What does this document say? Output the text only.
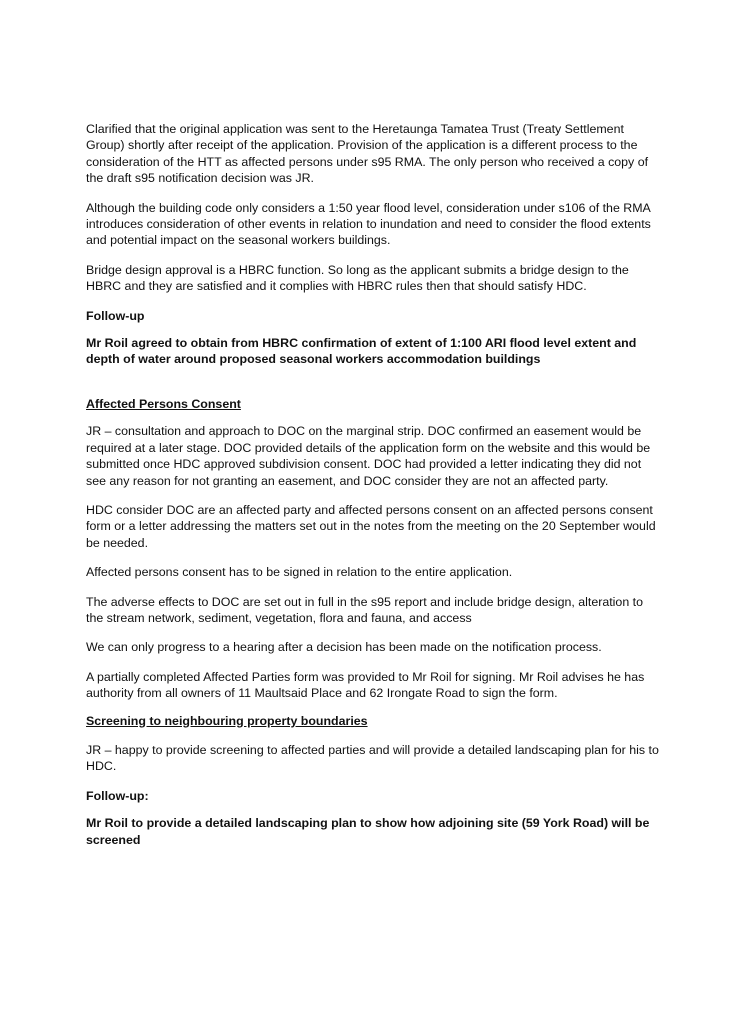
Clarified that the original application was sent to the Heretaunga Tamatea Trust (Treaty Settlement Group) shortly after receipt of the application. Provision of the application is a different process to the consideration of the HTT as affected persons under s95 RMA. The only person who received a copy of the draft s95 notification decision was JR.

Although the building code only considers a 1:50 year flood level, consideration under s106 of the RMA introduces consideration of other events in relation to inundation and need to consider the flood extents and potential impact on the seasonal workers buildings.

Bridge design approval is a HBRC function. So long as the applicant submits a bridge design to the HBRC and they are satisfied and it complies with HBRC rules then that should satisfy HDC.

Follow-up

Mr Roil agreed to obtain from HBRC confirmation of extent of 1:100 ARI flood level extent and depth of water around proposed seasonal workers accommodation buildings

Affected Persons Consent

JR – consultation and approach to DOC on the marginal strip. DOC confirmed an easement would be required at a later stage. DOC provided details of the application form on the website and this would be submitted once HDC approved subdivision consent. DOC had provided a letter indicating they did not see any reason for not granting an easement, and DOC consider they are not an affected party.

HDC consider DOC are an affected party and affected persons consent on an affected persons consent form or a letter addressing the matters set out in the notes from the meeting on the 20 September would be needed.

Affected persons consent has to be signed in relation to the entire application.

The adverse effects to DOC are set out in full in the s95 report and include bridge design, alteration to the stream network, sediment, vegetation, flora and fauna, and access

We can only progress to a hearing after a decision has been made on the notification process.

A partially completed Affected Parties form was provided to Mr Roil for signing. Mr Roil advises he has authority from all owners of 11 Maultsaid Place and 62 Irongate Road to sign the form.

Screening to neighbouring property boundaries

JR – happy to provide screening to affected parties and will provide a detailed landscaping plan for his to HDC.

Follow-up:

Mr Roil to provide a detailed landscaping plan to show how adjoining site (59 York Road) will be screened
